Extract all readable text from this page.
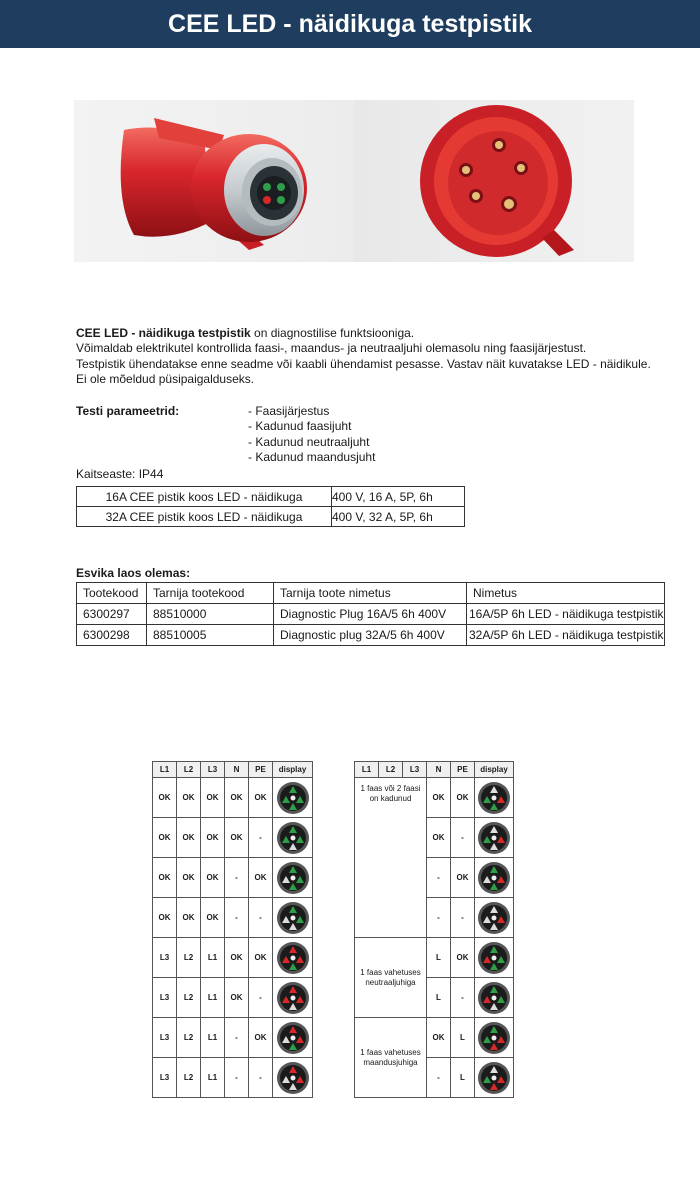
CEE LED - näidikuga testpistik

CEE LED - näidikuga testpistik on diagnostilise funktsiooniga.

Võimaldab elektrikutel kontrollida faasi-, maandus- ja neutraaljuhi olemasolu ning faasijärjestust.

Testpistik ühendatakse enne seadme või kaabli ühendamist pesasse. Vastav näit kuvatakse LED - näidikule.

Ei ole mõeldud püsipaigalduseks.

Testi parameetrid:	- Faasijärjestus
- Kadunud faasijuht
- Kadunud neutraaljuht
- Kadunud maandusjuht
Kaitseaste: IP44
16A CEE pistik koos LED - näidikuga	400 V, 16 A, 5P, 6h
32A CEE pistik koos LED - näidikuga	400 V, 32 A, 5P, 6h
Esvika laos olemas:
Tootekood	Tarnija tootekood	Tarnija toote nimetus	Nimetus
6300297	88510000	Diagnostic Plug 16A/5 6h 400V	16A/5P 6h LED - näidikuga testpistik
6300298	88510005	Diagnostic plug 32A/5 6h 400V	32A/5P 6h LED - näidikuga testpistik
L1	L2	L3	N	PE	display
OK	OK	OK	OK	OK	

OK	OK	OK	OK	-	

OK	OK	OK	-	OK	

OK	OK	OK	-	-	

L3	L2	L1	OK	OK	

L3	L2	L1	OK	-	

L3	L2	L1	-	OK	

L3	L2	L1	-	-	
L1	L2	L3	N	PE	display
1 faas või 2 faasi on kadunud			OK	OK	

			OK	-	

			-	OK	

			-	-	

1 faas vahetuses neutraaljuhiga			L	OK	

			L	-	

1 faas vahetuses maandusjuhiga			OK	L	

			-	L	
